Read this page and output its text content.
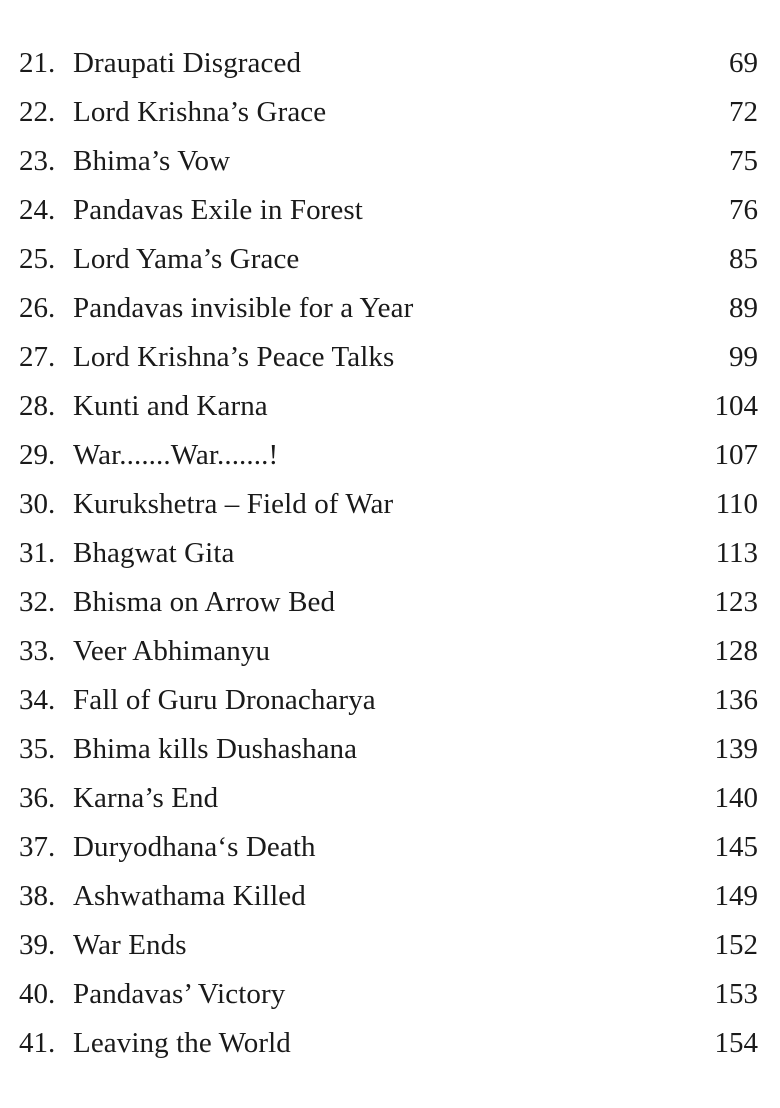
21. Draupati Disgraced	69
22. Lord Krishna’s Grace	72
23. Bhima’s Vow	75
24. Pandavas Exile in Forest	76
25. Lord Yama’s Grace	85
26. Pandavas invisible for a Year	89
27. Lord Krishna’s Peace Talks	99
28. Kunti and Karna	104
29. War.......War.......!	107
30. Kurukshetra – Field of War	110
31. Bhagwat Gita	113
32. Bhisma on Arrow Bed	123
33. Veer Abhimanyu	128
34. Fall of Guru Dronacharya	136
35. Bhima kills Dushashana	139
36. Karna’s End	140
37. Duryodhana‘s Death	145
38. Ashwathama Killed	149
39. War Ends	152
40. Pandavas’ Victory	153
41. Leaving the World	154
